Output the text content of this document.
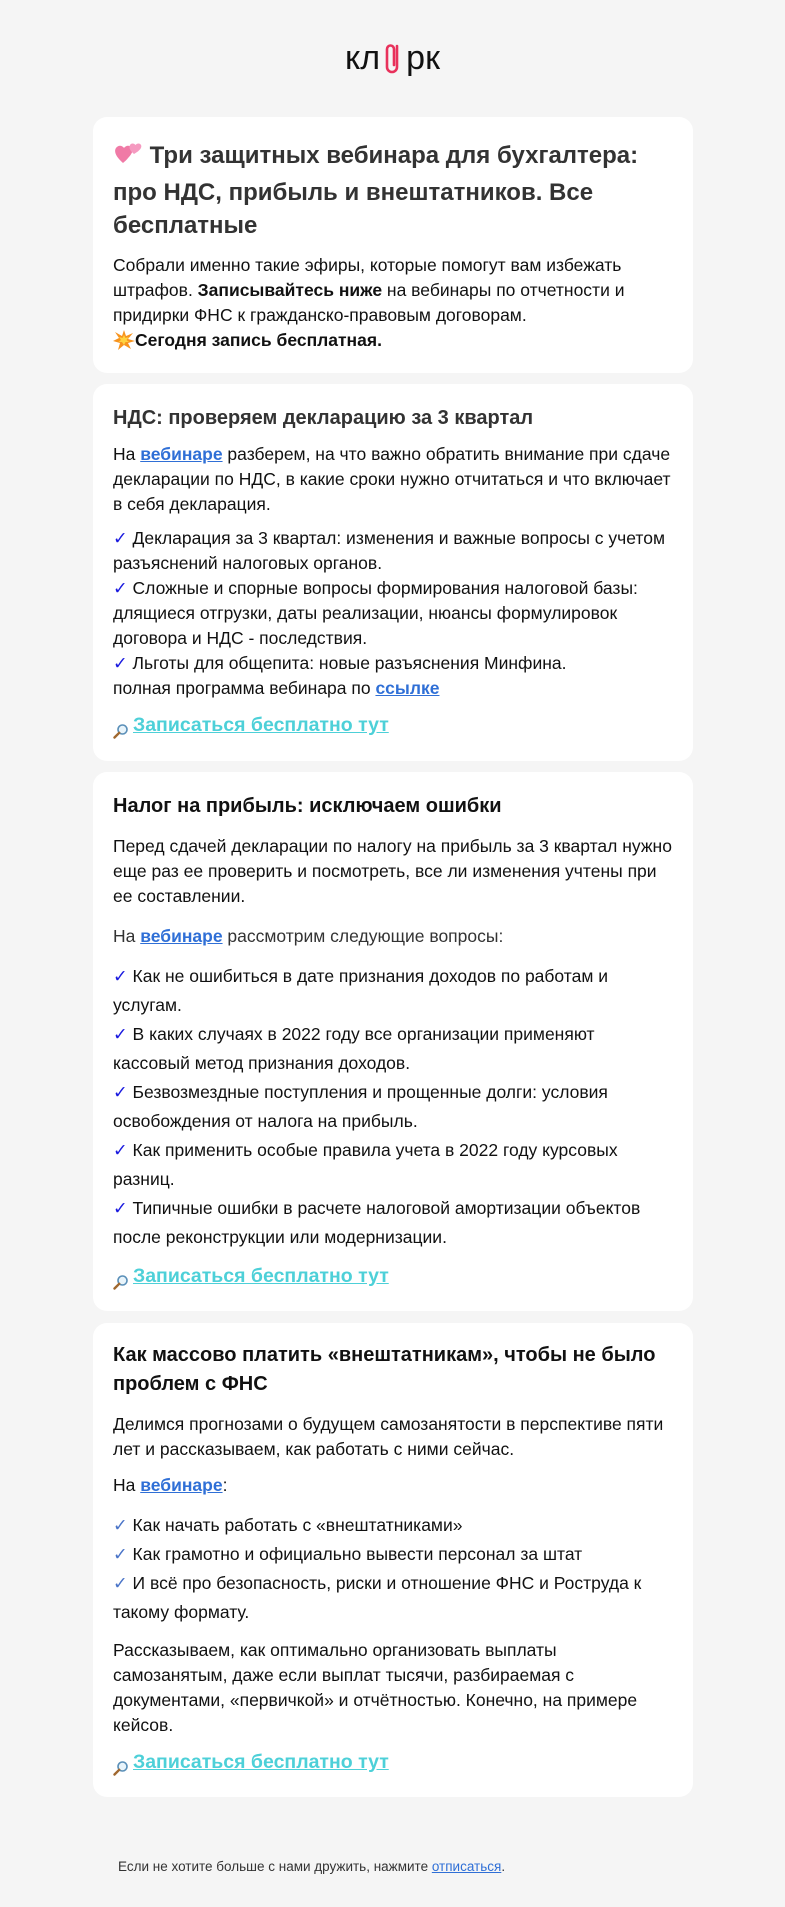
кл рк
Три защитных вебинара для бухгалтера: про НДС, прибыль и внештатников. Все бесплатные

Собрали именно такие эфиры, которые помогут вам избежать штрафов. Записывайтесь ниже на вебинары по отчетности и придирки ФНС к гражданско-правовым договорам.
Сегодня запись бесплатная.

НДС: проверяем декларацию за 3 квартал

На вебинаре разберем, на что важно обратить внимание при сдаче декларации по НДС, в какие сроки нужно отчитаться и что включает в себя декларация.

✓ Декларация за 3 квартал: изменения и важные вопросы с учетом разъяснений налоговых органов.
✓ Сложные и спорные вопросы формирования налоговой базы: длящиеся отгрузки, даты реализации, нюансы формулировок договора и НДС - последствия.
✓ Льготы для общепита: новые разъяснения Минфина.
полная программа вебинара по ссылке

Записаться бесплатно тут
Налог на прибыль: исключаем ошибки

Перед сдачей декларации по налогу на прибыль за 3 квартал нужно еще раз ее проверить и посмотреть, все ли изменения учтены при ее составлении.

На вебинаре рассмотрим следующие вопросы:

✓ Как не ошибиться в дате признания доходов по работам и услугам.
✓ В каких случаях в 2022 году все организации применяют кассовый метод признания доходов.
✓ Безвозмездные поступления и прощенные долги: условия освобождения от налога на прибыль.
✓ Как применить особые правила учета в 2022 году курсовых разниц.
✓ Типичные ошибки в расчете налоговой амортизации объектов после реконструкции или модернизации.

Записаться бесплатно тут
Как массово платить «внештатникам», чтобы не было проблем с ФНС

Делимся прогнозами о будущем самозанятости в перспективе пяти лет и рассказываем, как работать с ними сейчас.

На вебинаре:

✓ Как начать работать с «внештатниками»
✓ Как грамотно и официально вывести персонал за штат
✓ И всё про безопасность, риски и отношение ФНС и Роструда к такому формату.

Рассказываем, как оптимально организовать выплаты самозанятым, даже если выплат тысячи, разбираемая с документами, «первичкой» и отчётностью. Конечно, на примере кейсов.

Записаться бесплатно тут
Если не хотите больше с нами дружить, нажмите отписаться.
